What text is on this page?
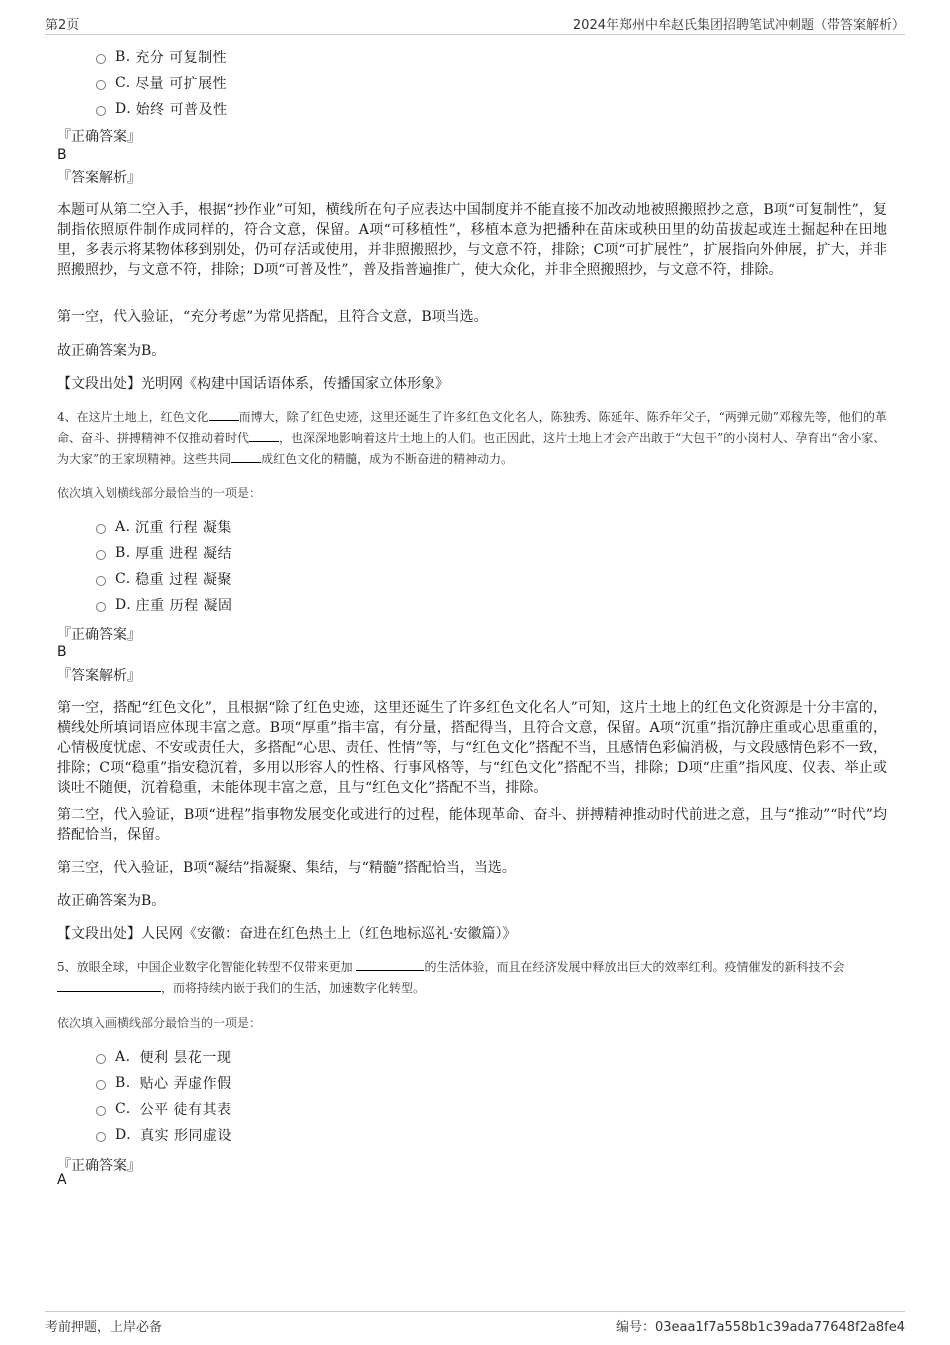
第2页	2024年郑州中牟赵氏集团招聘笔试冲刺题（带答案解析）
B.
充分 可复制性
C.
尽量 可扩展性
D.
始终 可普及性
『正确答案』
B
『答案解析』
本题可从第二空入手，根据“抄作业”可知，横线所在句子应表达中国制度并不能直接不加改动地被照搬照抄之意，B项“可复制性”，复制指依照原件制作成同样的，符合文意，保留。A项“可移植性”，移植本意为把播种在苗床或秧田里的幼苗拔起或连土掘起种在田地里，多表示将某物体移到别处，仍可存活或使用，并非照搬照抄，与文意不符，排除；C项“可扩展性”，扩展指向外伸展，扩大，并非照搬照抄，与文意不符，排除；D项“可普及性”，普及指普遍推广，使大众化，并非全照搬照抄，与文意不符，排除。
第一空，代入验证，“充分考虑”为常见搭配，且符合文意，B项当选。
故正确答案为B。
【文段出处】光明网《构建中国话语体系，传播国家立体形象》
4、在这片土地上，红色文化	而博大，除了红色史迹，这里还诞生了许多红色文化名人，陈独秀、陈延年、陈乔年父子，“两弹元勋”邓稼先等，他们的革命、奋斗、拼搏精神不仅推动着时代	，也深深地影响着这片土地上的人们。也正因此，这片土地上才会产出敢于“大包干”的小岗村人、孕育出“舍小家、为大家”的王家坝精神。这些共同	成红色文化的精髓，成为不断奋进的精神动力。
依次填入划横线部分最恰当的一项是：
A.
沉重 行程 凝集
B.
厚重 进程 凝结
C.
稳重 过程 凝聚
D.
庄重 历程 凝固
『正确答案』
B
『答案解析』
第一空，搭配“红色文化”，且根据“除了红色史迹，这里还诞生了许多红色文化名人”可知，这片土地上的红色文化资源是十分丰富的，横线处所填词语应体现丰富之意。B项“厚重”指丰富，有分量，搭配得当，且符合文意，保留。A项“沉重”指沉静庄重或心思重重的，心情极度忧虑、不安或责任大，多搭配“心思、责任、性情”等，与“红色文化”搭配不当，且感情色彩偏消极，与文段感情色彩不一致，排除；C项“稳重”指安稳沉着，多用以形容人的性格、行事风格等，与“红色文化”搭配不当，排除；D项“庄重”指风度、仪表、举止或谈吐不随便，沉着稳重，未能体现丰富之意，且与“红色文化”搭配不当，排除。
第二空，代入验证，B项“进程”指事物发展变化或进行的过程，能体现革命、奋斗、拼搏精神推动时代前进之意，且与“推动”“时代”均搭配恰当，保留。
第三空，代入验证，B项“凝结”指凝聚、集结，与“精髓”搭配恰当，当选。
故正确答案为B。
【文段出处】人民网《安徽：奋进在红色热土上（红色地标巡礼·安徽篇）》
5、放眼全球，中国企业数字化智能化转型不仅带来更加	的生活体验，而且在经济发展中释放出巨大的效率红利。疫情催发的新科技不会 ，而将持续内嵌于我们的生活，加速数字化转型。
依次填入画横线部分最恰当的一项是：
A.
便利 昙花一现
B.
贴心 弄虚作假
C.
公平 徒有其表
D.
真实 形同虚设
『正确答案』
A
考前押题，上岸必备	编号：03eaa1f7a558b1c39ada77648f2a8fe4
